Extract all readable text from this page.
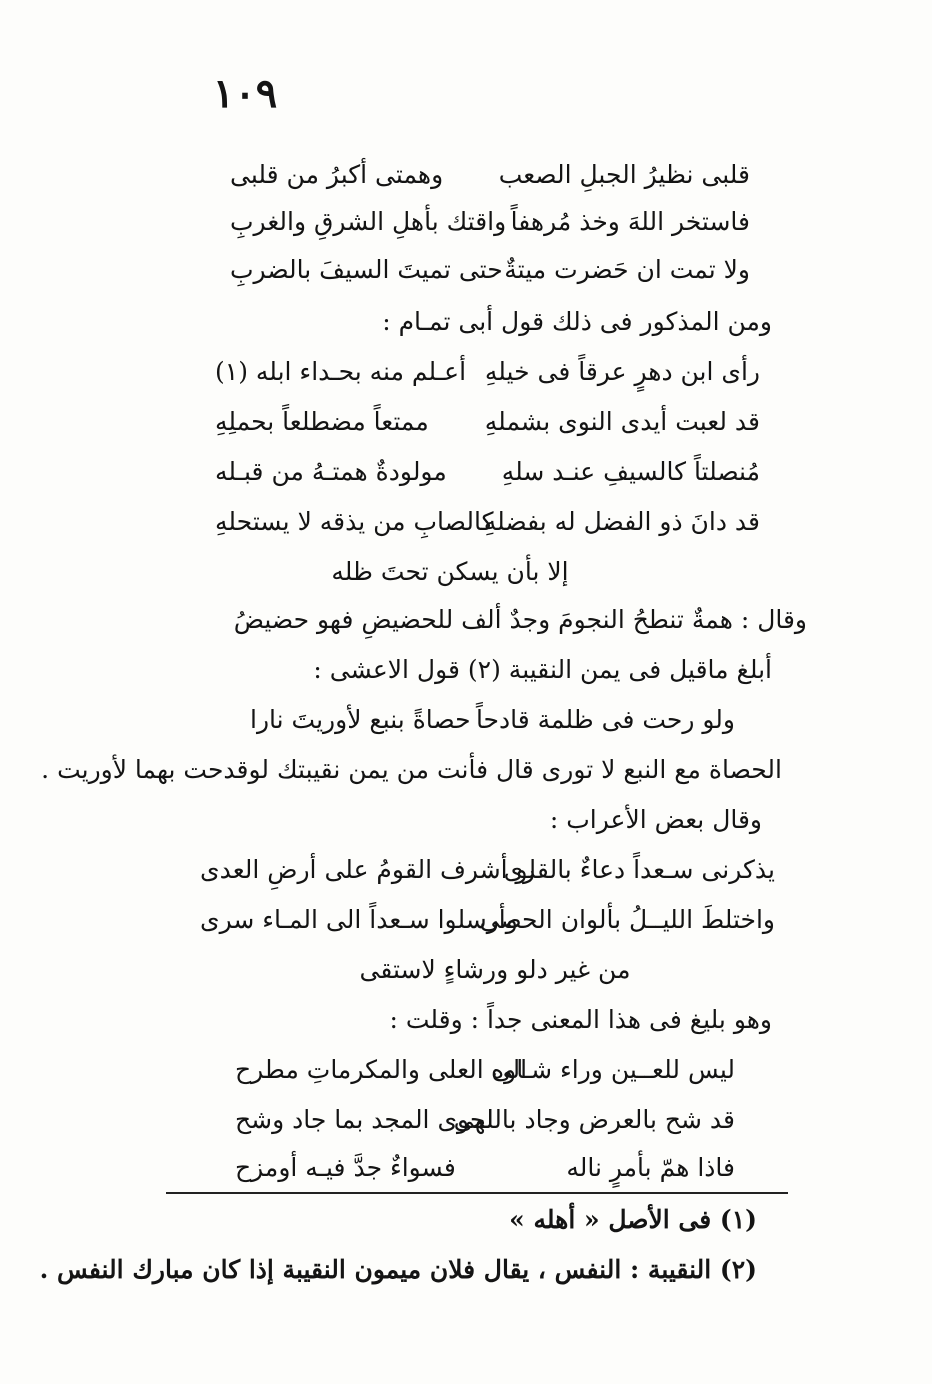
١٠٩
قلبى نظيرُ الجبلِ الصعب
وهمتى أكبرُ من قلبى
فاستخر اللهَ وخذ مُرهفاً
واقتك بأهلِ الشرقِ والغربِ
ولا تمت ان حَضرت ميتةٌ
حتى تميتَ السيفَ بالضربِ
ومن المذكور فى ذلك قول أبى تمـام :
رأى ابن دهرٍ عرقاً فى خيلهِ
أعـلم منه بحـداء ابله (١)
قد لعبت أيدى النوى بشملهِ
ممتعاً مضطلعاً بحملِهِ
مُنصلتاً كالسيفِ عنـد سلهِ
مولودةٌ همتـهُ من قبـله
قد دانَ ذو الفضل له بفضلهِ
كالصابِ من يذقه لا يستحلهِ
إلا بأن يسكن تحتَ ظله
وقال : همةٌ تنطحُ النجومَ وجدٌ ألف للحضيضِ فهو حضيضُ
أبلغ ماقيل فى يمن النقيبة (٢) قول الاعشى :
ولو رحت فى ظلمة قادحاً
حصاةً بنبع لأوريتَ نارا
الحصاة مع النبع لا تورى قال فأنت من يمن نقيبتك لوقدحت بهما لأوريت .
وقال بعض الأعراب :
يذكرنى سـعداً دعاءٌ بالقرى
لو أشرف القومُ على أرضِ العدى
واختلطَ الليــلُ بألوان الحصى
وأرسلوا سـعداً الى المـاء سرى
من غير دلو ورشاءٍ لاستقى
وهو بليغ فى هذا المعنى جداً : وقلت :
ليس للعــين وراء شـاوه
الى العلى والمكرماتِ مطرح
قد شح بالعرض وجاد باللهى
لحوى المجد بما جاد وشح
فاذا همّ بأمرٍ ناله
فسواءٌ جدَّ فيـه أومزح
(١) فى الأصل « أهله »
(٢) النقيبة : النفس ، يقال فلان ميمون النقيبة إذا كان مبارك النفس .
